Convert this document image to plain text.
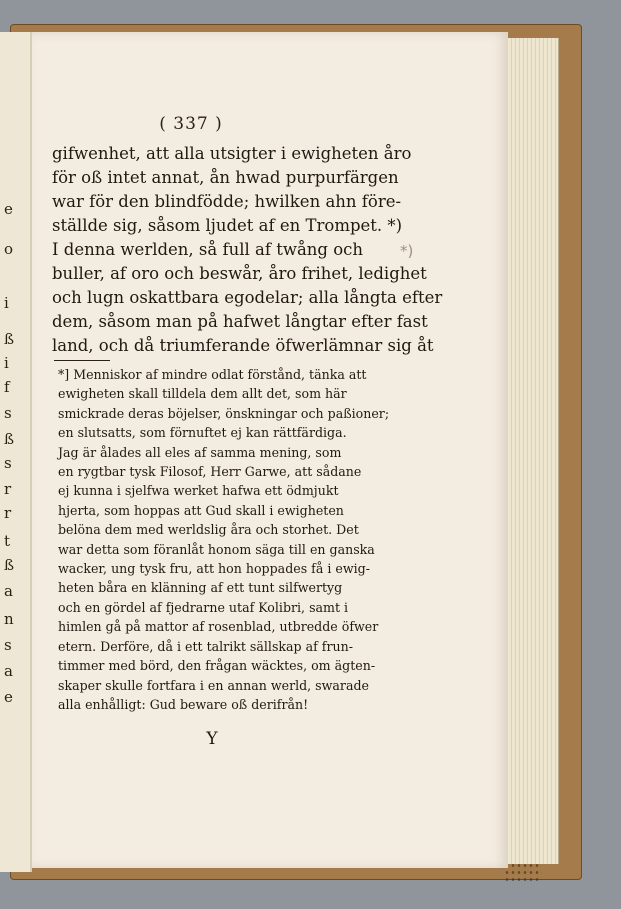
e
o
i
ß
i
f
s
ß
s
r
r
t
ß
a
n
s
a
e
( 337 )
gifwenhet, att alla utsigter i ewigheten åro
för oß intet annat, ån hwad purpurfärgen
war för den blindfödde; hwilken ahn före-
ställde sig, såsom ljudet af en Trompet. *)
I denna werlden, så full af twång och
buller, af oro och beswår, åro frihet, ledighet
och lugn oskattbara egodelar; alla långta efter
dem, såsom man på hafwet långtar efter fast
land, och då triumferande öfwerlämnar sig åt
*)
*] Menniskor af mindre odlat förstånd, tänka att
ewigheten skall tilldela dem allt det, som här
smickrade deras böjelser, önskningar och paßioner;
en slutsatts, som förnuftet ej kan rättfärdiga.
Jag är ålades all eles af samma mening, som
en rygtbar tysk Filosof, Herr Garwe, att sådane
ej kunna i sjelfwa werket hafwa ett ödmjukt
hjerta, som hoppas att Gud skall i ewigheten
belöna dem med werldslig åra och storhet. Det
war detta som föranlåt honom säga till en ganska
wacker, ung tysk fru, att hon hoppades få i ewig-
heten båra en klänning af ett tunt silfwertyg
och en gördel af fjedrarne utaf Kolibri, samt i
himlen gå på mattor af rosenblad, utbredde öfwer
etern. Derföre, då i ett talrikt sällskap af frun-
timmer med börd, den frågan wäcktes, om ägten-
skaper skulle fortfara i en annan werld, swarade
alla enhålligt: Gud beware oß derifrån!
Y
